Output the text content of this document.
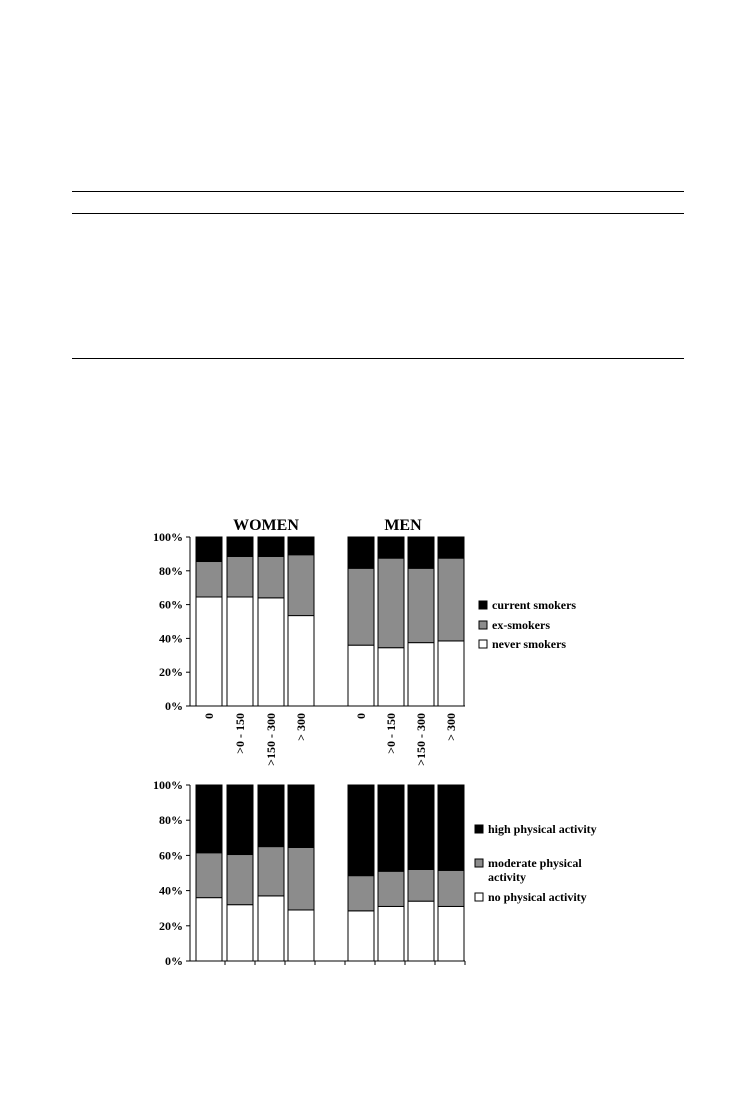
0%
20%
40%
60%
80%
100%
current smokers
ex-smokers
never smokers
0%
20%
40%
60%
80%
100%
high physical activity
moderate physical
activity
no physical activity
WOMEN	MEN
0 >0 - 150 >150 - 300 > 300	0 >0 - 150 >150 - 300 > 300
